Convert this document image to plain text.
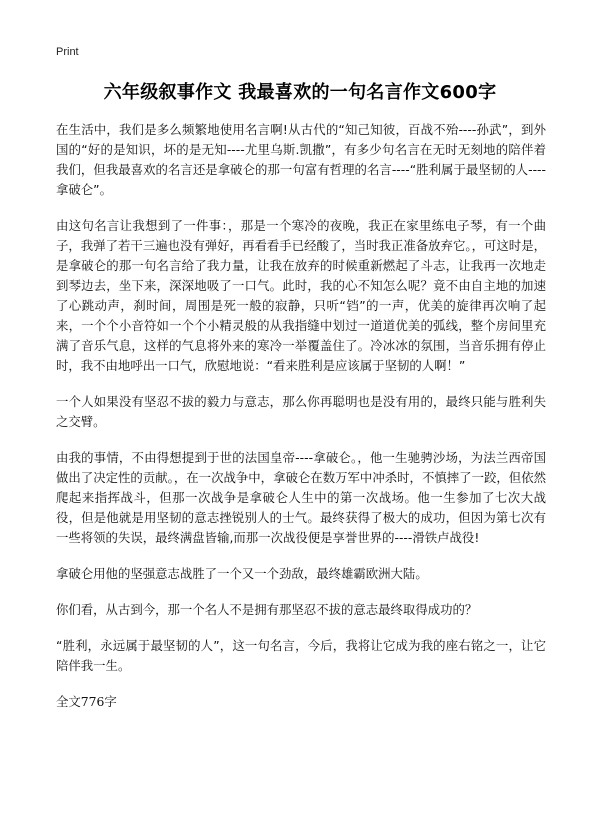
Print
六年级叙事作文 我最喜欢的一句名言作文600字

在生活中，我们是多么频繁地使用名言啊!从古代的“知己知彼，百战不殆----孙武”，到外国的“好的是知识，坏的是无知----尤里乌斯.凯撒”，有多少句名言在无时无刻地的陪伴着我们，但我最喜欢的名言还是拿破仑的那一句富有哲理的名言----“胜利属于最坚韧的人----拿破仑”。

由这句名言让我想到了一件事：，那是一个寒冷的夜晚，我正在家里练电子琴，有一个曲子，我弹了若干三遍也没有弹好，再看看手已经酸了，当时我正准备放弃它。，可这时是，是拿破仑的那一句名言给了我力量，让我在放弃的时候重新燃起了斗志，让我再一次地走到琴边去，坐下来，深深地吸了一口气。此时，我的心不知怎么呢？竟不由自主地的加速了心跳动声，刹时间，周围是死一般的寂静，只听“铛”的一声，优美的旋律再次响了起来，一个个小音符如一个个小精灵般的从我指缝中划过一道道优美的弧线，整个房间里充满了音乐气息，这样的气息将外来的寒冷一举覆盖住了。冷冰冰的氛围，当音乐拥有停止时，我不由地呼出一口气，欣慰地说：“看来胜利是应该属于坚韧的人啊！”

一个人如果没有坚忍不拔的毅力与意志，那么你再聪明也是没有用的，最终只能与胜利失之交臂。

由我的事情，不由得想提到于世的法国皇帝----拿破仑。，他一生驰骋沙场，为法兰西帝国做出了决定性的贡献。，在一次战争中，拿破仑在数万军中冲杀时，不慎摔了一跤，但依然爬起来指挥战斗，但那一次战争是拿破仑人生中的第一次战场。他一生参加了七次大战役，但是他就是用坚韧的意志挫锐别人的士气。最终获得了极大的成功，但因为第七次有一些将领的失误，最终满盘皆输,而那一次战役便是享誉世界的----滑铁卢战役!

拿破仑用他的坚强意志战胜了一个又一个劲敌，最终雄霸欧洲大陆。

你们看，从古到今，那一个名人不是拥有那坚忍不拔的意志最终取得成功的？

“胜利，永远属于最坚韧的人”，这一句名言，今后，我将让它成为我的座右铭之一，让它陪伴我一生。

全文776字
